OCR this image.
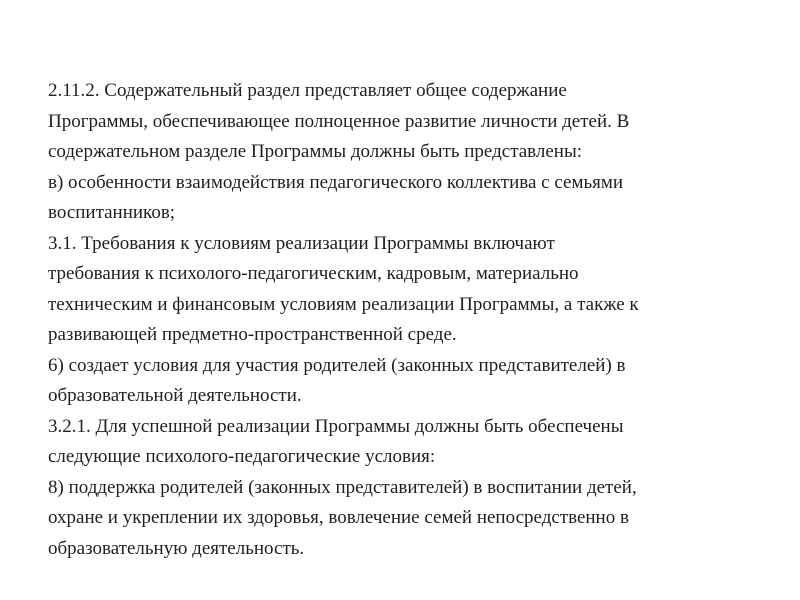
2.11.2. Содержательный раздел представляет общее содержание
Программы, обеспечивающее полноценное развитие личности детей. В
содержательном разделе Программы должны быть представлены:
в) особенности взаимодействия педагогического коллектива с семьями
воспитанников;
3.1. Требования к условиям реализации Программы включают
требования к психолого-педагогическим, кадровым, материально
техническим и финансовым условиям реализации Программы, а также к
развивающей предметно-пространственной среде.
6) создает условия для участия родителей (законных представителей) в
образовательной деятельности.
3.2.1. Для успешной реализации Программы должны быть обеспечены
следующие психолого-педагогические условия:
8) поддержка родителей (законных представителей) в воспитании детей,
охране и укреплении их здоровья, вовлечение семей непосредственно в
образовательную деятельность.
